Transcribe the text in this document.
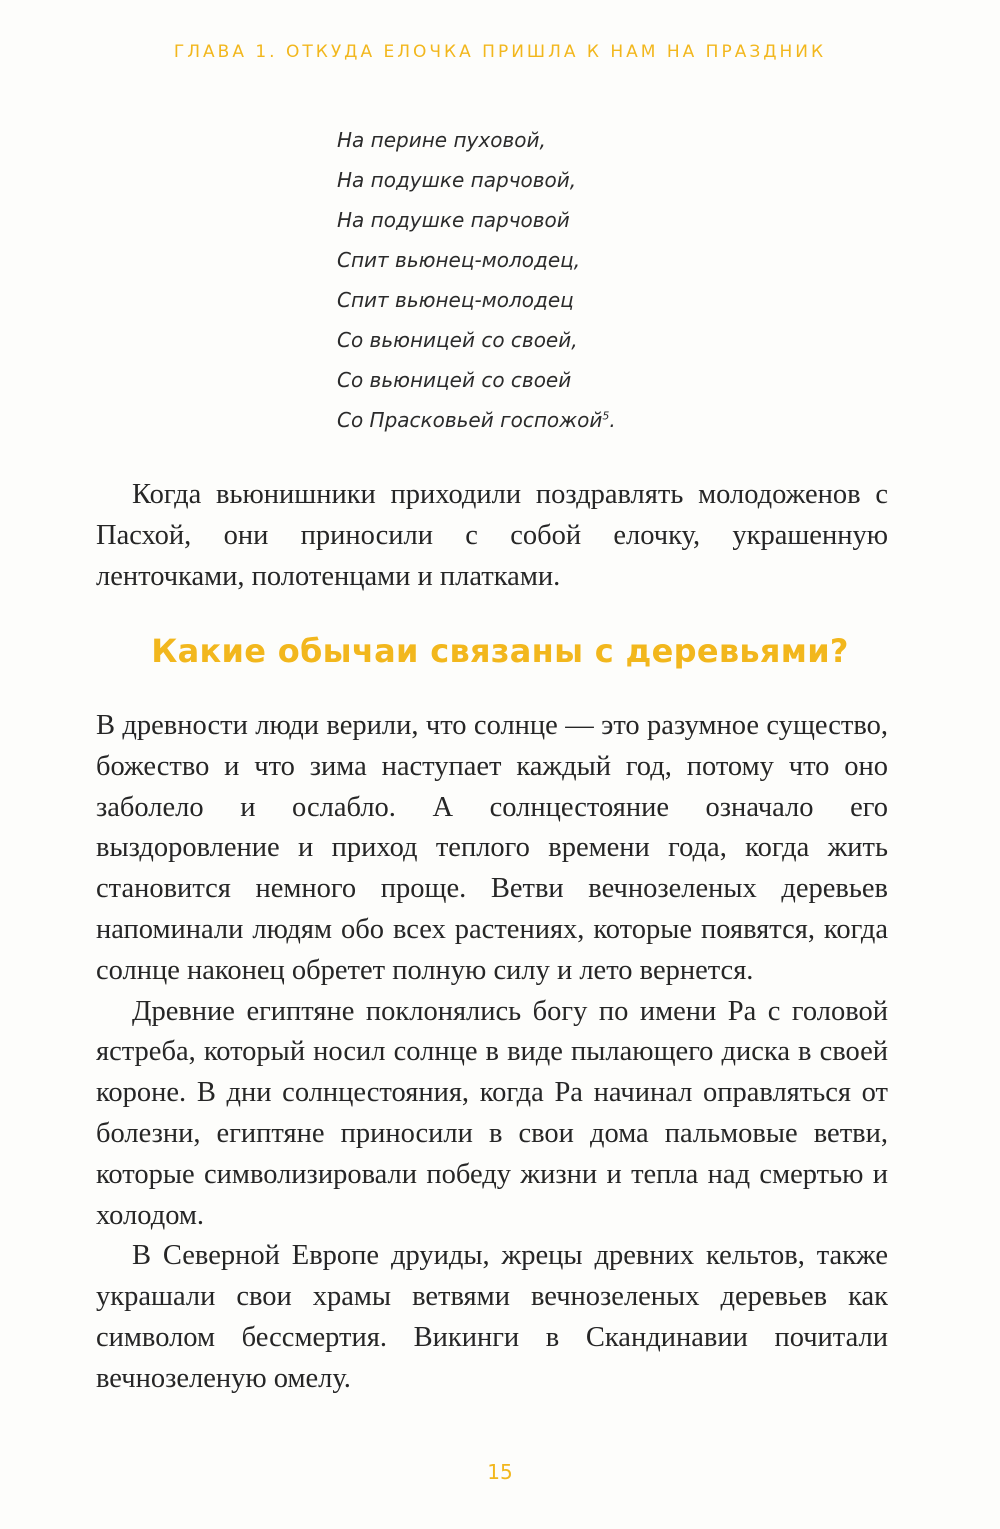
ГЛАВА 1. ОТКУДА ЕЛОЧКА ПРИШЛА К НАМ НА ПРАЗДНИК
На перине пуховой,
На подушке парчовой,
На подушке парчовой
Спит вьюнец-молодец,
Спит вьюнец-молодец
Со вьюницей со своей,
Со вьюницей со своей
Со Прасковьей госпожой$^5$.

Когда вьюнишники приходили поздравлять молодоженов с Пасхой, они приносили с собой елочку, украшенную ленточками, полотенцами и платками.

Какие обычаи связаны с деревьями?

В древности люди верили, что солнце — это разумное существо, божество и что зима наступает каждый год, потому что оно заболело и ослабло. А солнцестояние означало его выздоровление и приход теплого времени года, когда жить становится немного проще. Ветви вечнозеленых деревьев напоминали людям обо всех растениях, которые появятся, когда солнце наконец обретет полную силу и лето вернется.

Древние египтяне поклонялись богу по имени Ра с головой ястреба, который носил солнце в виде пылающего диска в своей короне. В дни солнцестояния, когда Ра начинал оправляться от болезни, египтяне приносили в свои дома пальмовые ветви, которые символизировали победу жизни и тепла над смертью и холодом.

В Северной Европе друиды, жрецы древних кельтов, также украшали свои храмы ветвями вечнозеленых деревьев как символом бессмертия. Викинги в Скандинавии почитали вечнозеленую омелу.

15
